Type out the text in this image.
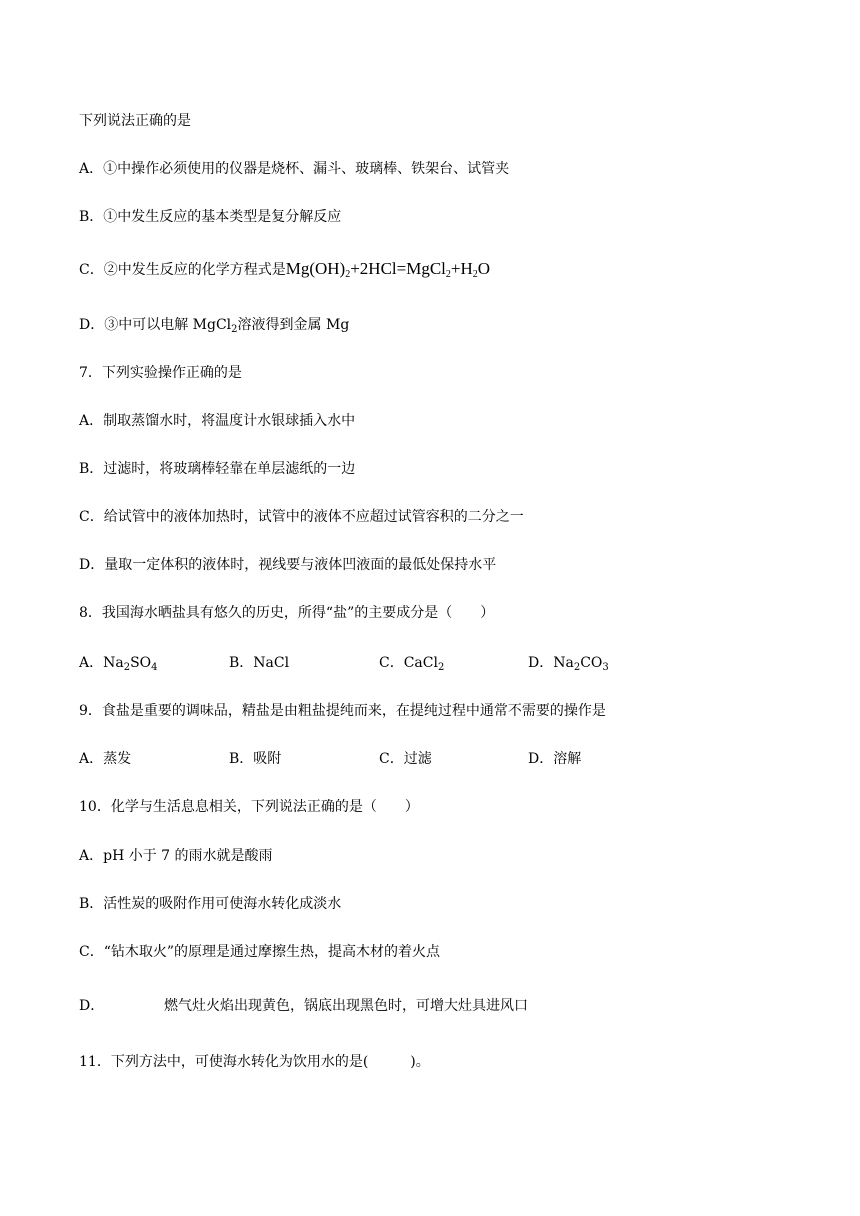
下列说法正确的是
A．①中操作必须使用的仪器是烧杯、漏斗、玻璃棒、铁架台、试管夹
B．①中发生反应的基本类型是复分解反应
C．②中发生反应的化学方程式是$Mg(OH)_2+2HCl=MgCl_2+H_2O$
D．③中可以电解 MgCl$_2$溶液得到金属 Mg
7．下列实验操作正确的是
A．制取蒸馏水时，将温度计水银球插入水中
B．过滤时，将玻璃棒轻靠在单层滤纸的一边
C．给试管中的液体加热时，试管中的液体不应超过试管容积的二分之一
D．量取一定体积的液体时，视线要与液体凹液面的最低处保持水平
8．我国海水晒盐具有悠久的历史，所得“盐”的主要成分是（　　）
A．$Na_2SO_4$	B．NaCl	C．CaCl$_2$	D．$Na_2CO_3$
9．食盐是重要的调味品，精盐是由粗盐提纯而来，在提纯过程中通常不需要的操作是
A．蒸发	B．吸附	C．过滤	D．溶解
10．化学与生活息息相关，下列说法正确的是（　　）
A．pH 小于 7 的雨水就是酸雨
B．活性炭的吸附作用可使海水转化成淡水
C．“钻木取火”的原理是通过摩擦生热，提高木材的着火点
D．	燃气灶火焰出现黄色，锅底出现黑色时，可增大灶具进风口
11．下列方法中，可使海水转化为饮用水的是(　　　)。
